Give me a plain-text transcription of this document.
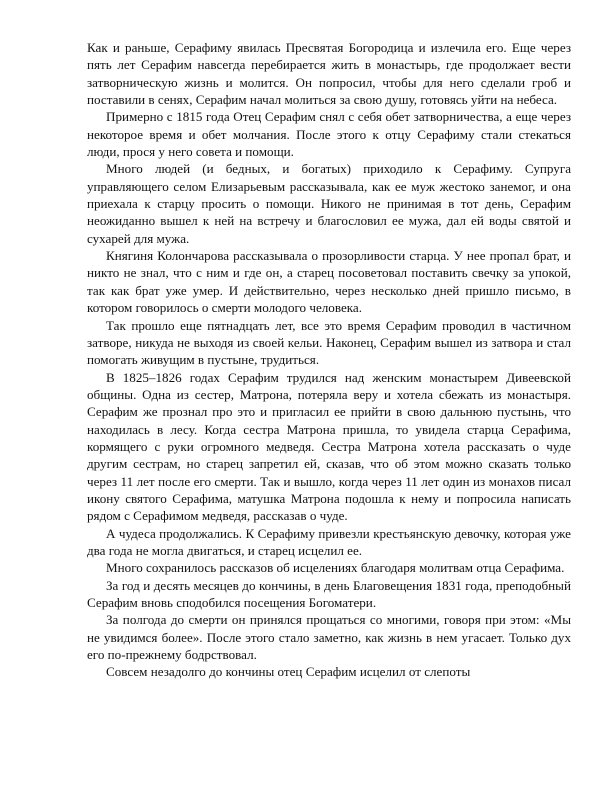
Как и раньше, Серафиму явилась Пресвятая Богородица и излечила его. Еще через пять лет Серафим навсегда перебирается жить в монастырь, где продолжает вести затворническую жизнь и молится. Он попросил, чтобы для него сделали гроб и поставили в сенях, Серафим начал молиться за свою душу, готовясь уйти на небеса.

Примерно с 1815 года Отец Серафим снял с себя обет затворничества, а еще через некоторое время и обет молчания. После этого к отцу Серафиму стали стекаться люди, прося у него совета и помощи.

Много людей (и бедных, и богатых) приходило к Серафиму. Супруга управляющего селом Елизарьевым рассказывала, как ее муж жестоко занемог, и она приехала к старцу просить о помощи. Никого не принимая в тот день, Серафим неожиданно вышел к ней на встречу и благословил ее мужа, дал ей воды святой и сухарей для мужа.

Княгиня Колончарова рассказывала о прозорливости старца. У нее пропал брат, и никто не знал, что с ним и где он, а старец посоветовал поставить свечку за упокой, так как брат уже умер. И действительно, через несколько дней пришло письмо, в котором говорилось о смерти молодого человека.

Так прошло еще пятнадцать лет, все это время Серафим проводил в частичном затворе, никуда не выходя из своей кельи. Наконец, Серафим вышел из затвора и стал помогать живущим в пустыне, трудиться.

В 1825–1826 годах Серафим трудился над женским монастырем Дивеевской общины. Одна из сестер, Матрона, потеряла веру и хотела сбежать из монастыря. Серафим же прознал про это и пригласил ее прийти в свою дальнюю пустынь, что находилась в лесу. Когда сестра Матрона пришла, то увидела старца Серафима, кормящего с руки огромного медведя. Сестра Матрона хотела рассказать о чуде другим сестрам, но старец запретил ей, сказав, что об этом можно сказать только через 11 лет после его смерти. Так и вышло, когда через 11 лет один из монахов писал икону святого Серафима, матушка Матрона подошла к нему и попросила написать рядом с Серафимом медведя, рассказав о чуде.

А чудеса продолжались. К Серафиму привезли крестьянскую девочку, которая уже два года не могла двигаться, и старец исцелил ее.

Много сохранилось рассказов об исцелениях благодаря молитвам отца Серафима.

За год и десять месяцев до кончины, в день Благовещения 1831 года, преподобный Серафим вновь сподобился посещения Богоматери.

За полгода до смерти он принялся прощаться со многими, говоря при этом: «Мы не увидимся более». После этого стало заметно, как жизнь в нем угасает. Только дух его по-прежнему бодрствовал.

Совсем незадолго до кончины отец Серафим исцелил от слепоты
